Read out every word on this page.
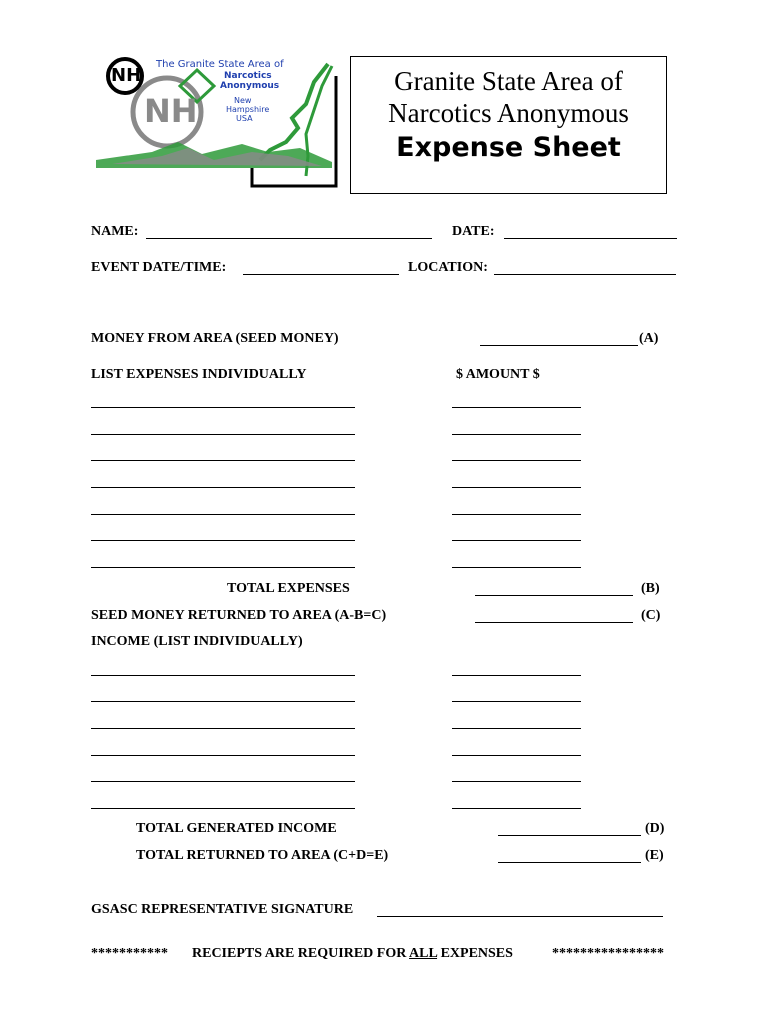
NH
NH
The Granite State Area of
Narcotics
Anonymous
New
Hampshire
USA
Granite State Area of
Narcotics Anonymous
Expense Sheet
NAME:	DATE:
EVENT DATE/TIME:	LOCATION:
MONEY FROM AREA (SEED MONEY)	(A)
LIST EXPENSES INDIVIDUALLY	$ AMOUNT $
TOTAL EXPENSES	(B)
SEED MONEY RETURNED TO AREA (A-B=C)	(C)
INCOME (LIST INDIVIDUALLY)
TOTAL GENERATED INCOME	(D)
TOTAL RETURNED TO AREA (C+D=E)	(E)
GSASC REPRESENTATIVE SIGNATURE
*********** RECIEPTS ARE REQUIRED FOR ALL EXPENSES	****************
